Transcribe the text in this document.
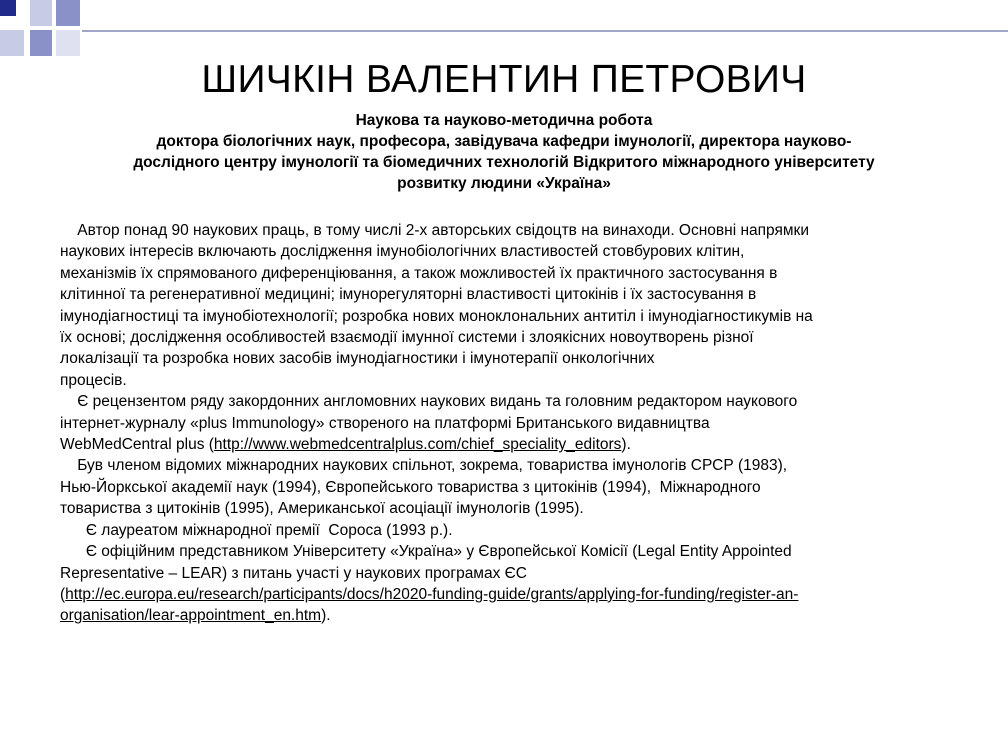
ШИЧКІН ВАЛЕНТИН ПЕТРОВИЧ
Наукова та науково-методична робота
доктора біологічних наук, професора, завідувача кафедри імунології, директора науково-
дослідного центру імунології та біомедичних технологій Відкритого міжнародного університету
розвитку людини «Україна»
Автор понад 90 наукових праць, в тому числі 2-х авторських свідоцтв на винаходи. Основні напрямки
наукових інтересів включають дослідження імунобіологічних властивостей стовбурових клітин,
механізмів їх спрямованого диференціювання, а також можливостей їх практичного застосування в
клітинної та регенеративної медицині; імунорегуляторні властивості цитокінів і їх застосування в
імунодіагностиці та імунобіотехнології; розробка нових моноклональних антитіл і імунодіагностикумів на
їх основі; дослідження особливостей взаємодії імунної системи і злоякісних новоутворень різної
локалізації та розробка нових засобів імунодіагностики і імунотерапії онкологічних
процесів.
Є рецензентом ряду закордонних англомовних наукових видань та головним редактором наукового
інтернет-журналу «plus Immunology» створеного на платформі Британського видавництва
WebMedCentral plus (http://www.webmedcentralplus.com/chief_speciality_editors).
Був членом відомих міжнародних наукових спільнот, зокрема, товариства імунологів СРСР (1983),
Нью-Йоркської академії наук (1994), Європейського товариства з цитокінів (1994),  Міжнародного
товариства з цитокінів (1995), Американської асоціації імунологів (1995).
Є лауреатом міжнародної премії  Сороса (1993 р.).
Є офіційним представником Університету «Україна» у Європейської Комісії (Legal Entity Appointed
Representative – LEAR) з питань участі у наукових програмах ЄС
(http://ec.europa.eu/research/participants/docs/h2020-funding-guide/grants/applying-for-funding/register-an-
organisation/lear-appointment_en.htm).
